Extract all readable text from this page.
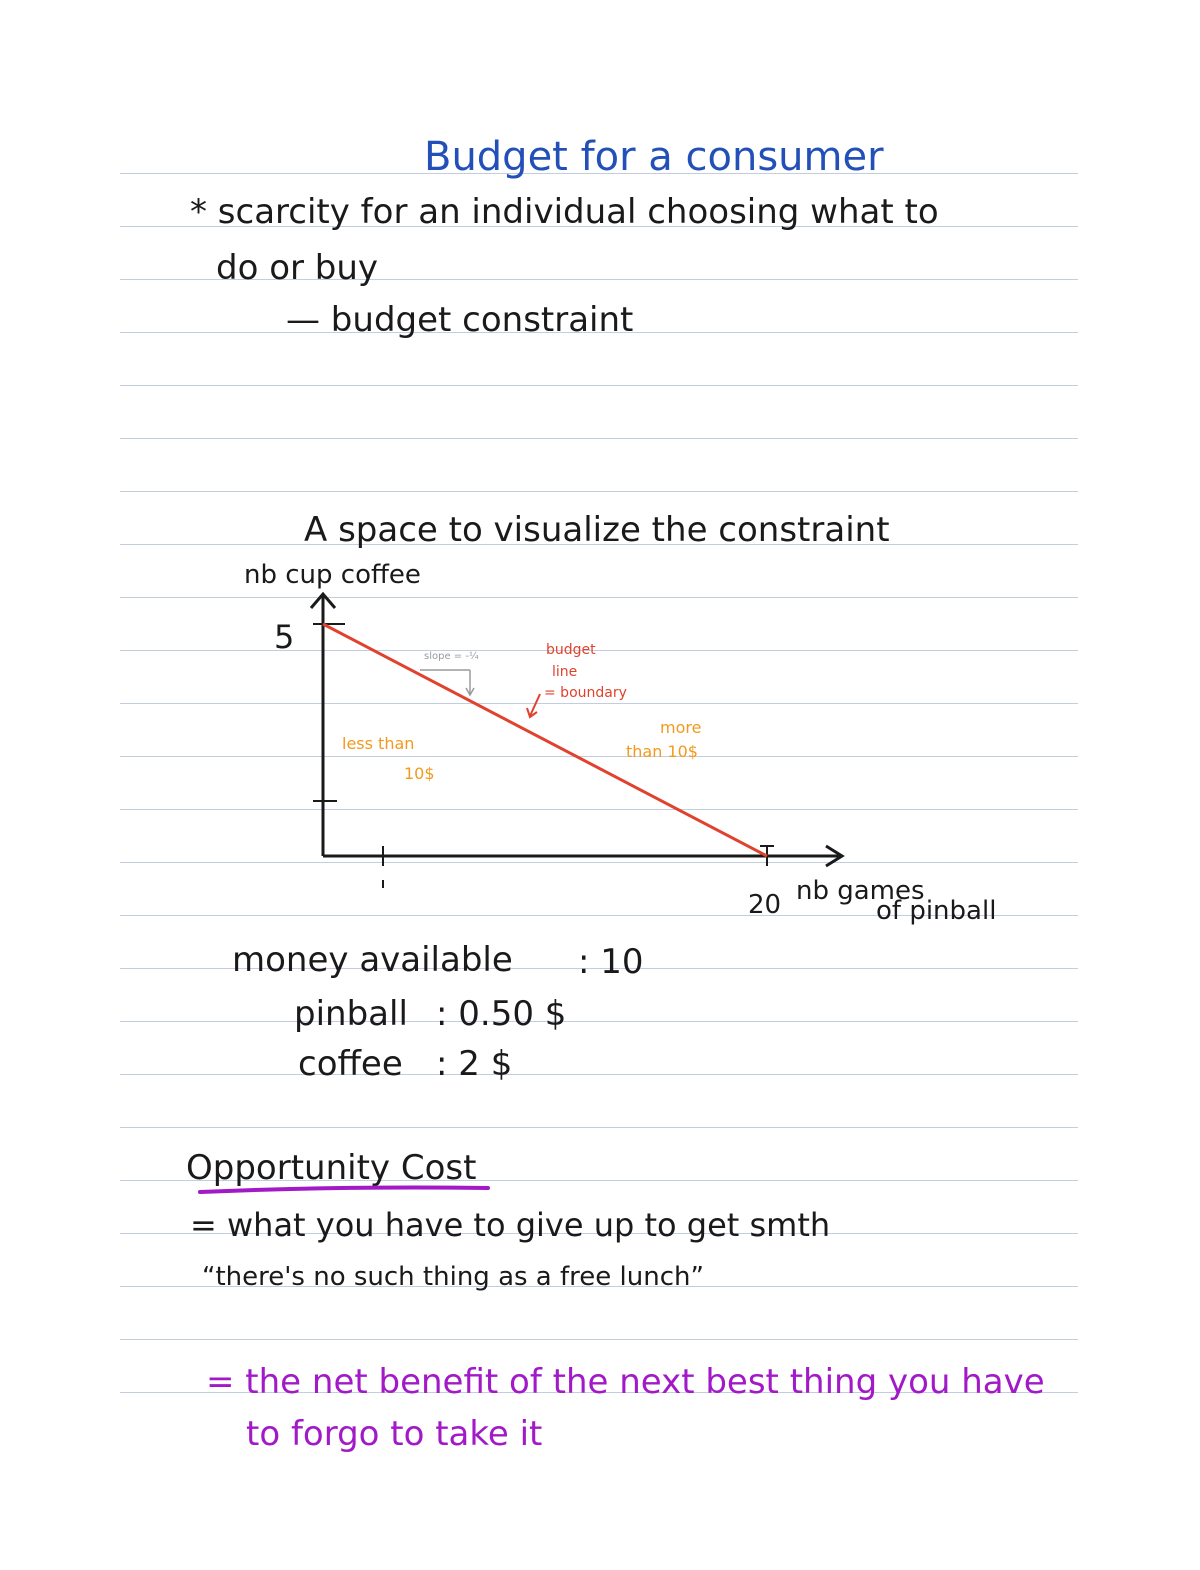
Budget for a consumer
* scarcity for an individual choosing what to
do or buy
— budget constraint
A space to visualize the constraint
nb cup coffee
5
slope = -¼	budget
line
= boundary
less than
10$
more
than 10$
20 nb games
of pinball
money available : 10
pinball : 0.50 $
coffee : 2 $
Opportunity Cost
= what you have to give up to get smth
“there's no such thing as a free lunch”
= the net benefit of the next best thing you have
to forgo to take it
